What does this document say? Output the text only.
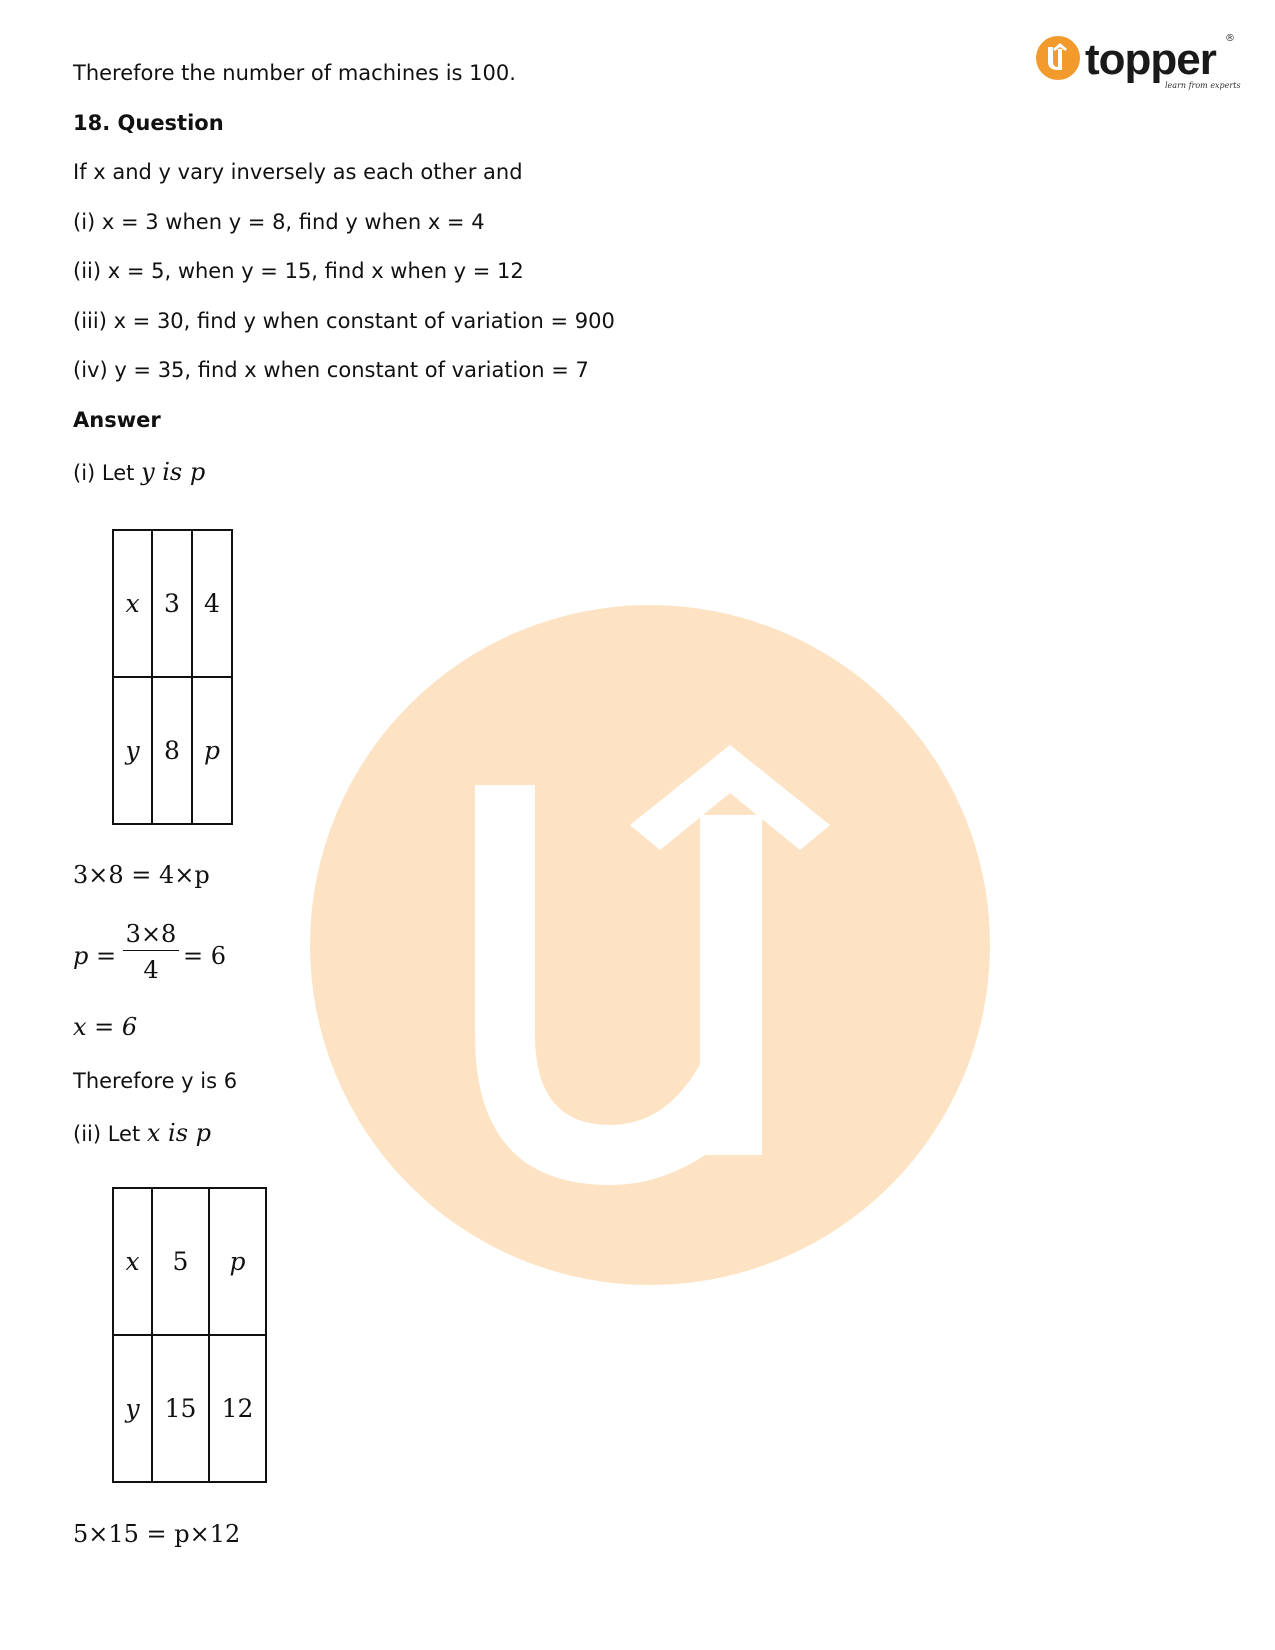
topper ®
learn from experts
Therefore the number of machines is 100.
18. Question
If x and y vary inversely as each other and
(i) x = 3 when y = 8, find y when x = 4
(ii) x = 5, when y = 15, find x when y = 12
(iii) x = 30, find y when constant of variation = 900
(iv) y = 35, find x when constant of variation = 7
Answer
(i) Let y is p
x	3	4
y	8	p
3×8 = 4×p
p =
3×8
4	= 6
x = 6
Therefore y is 6
(ii) Let x is p
x	5	p
y	15	12
5×15 = p×12
